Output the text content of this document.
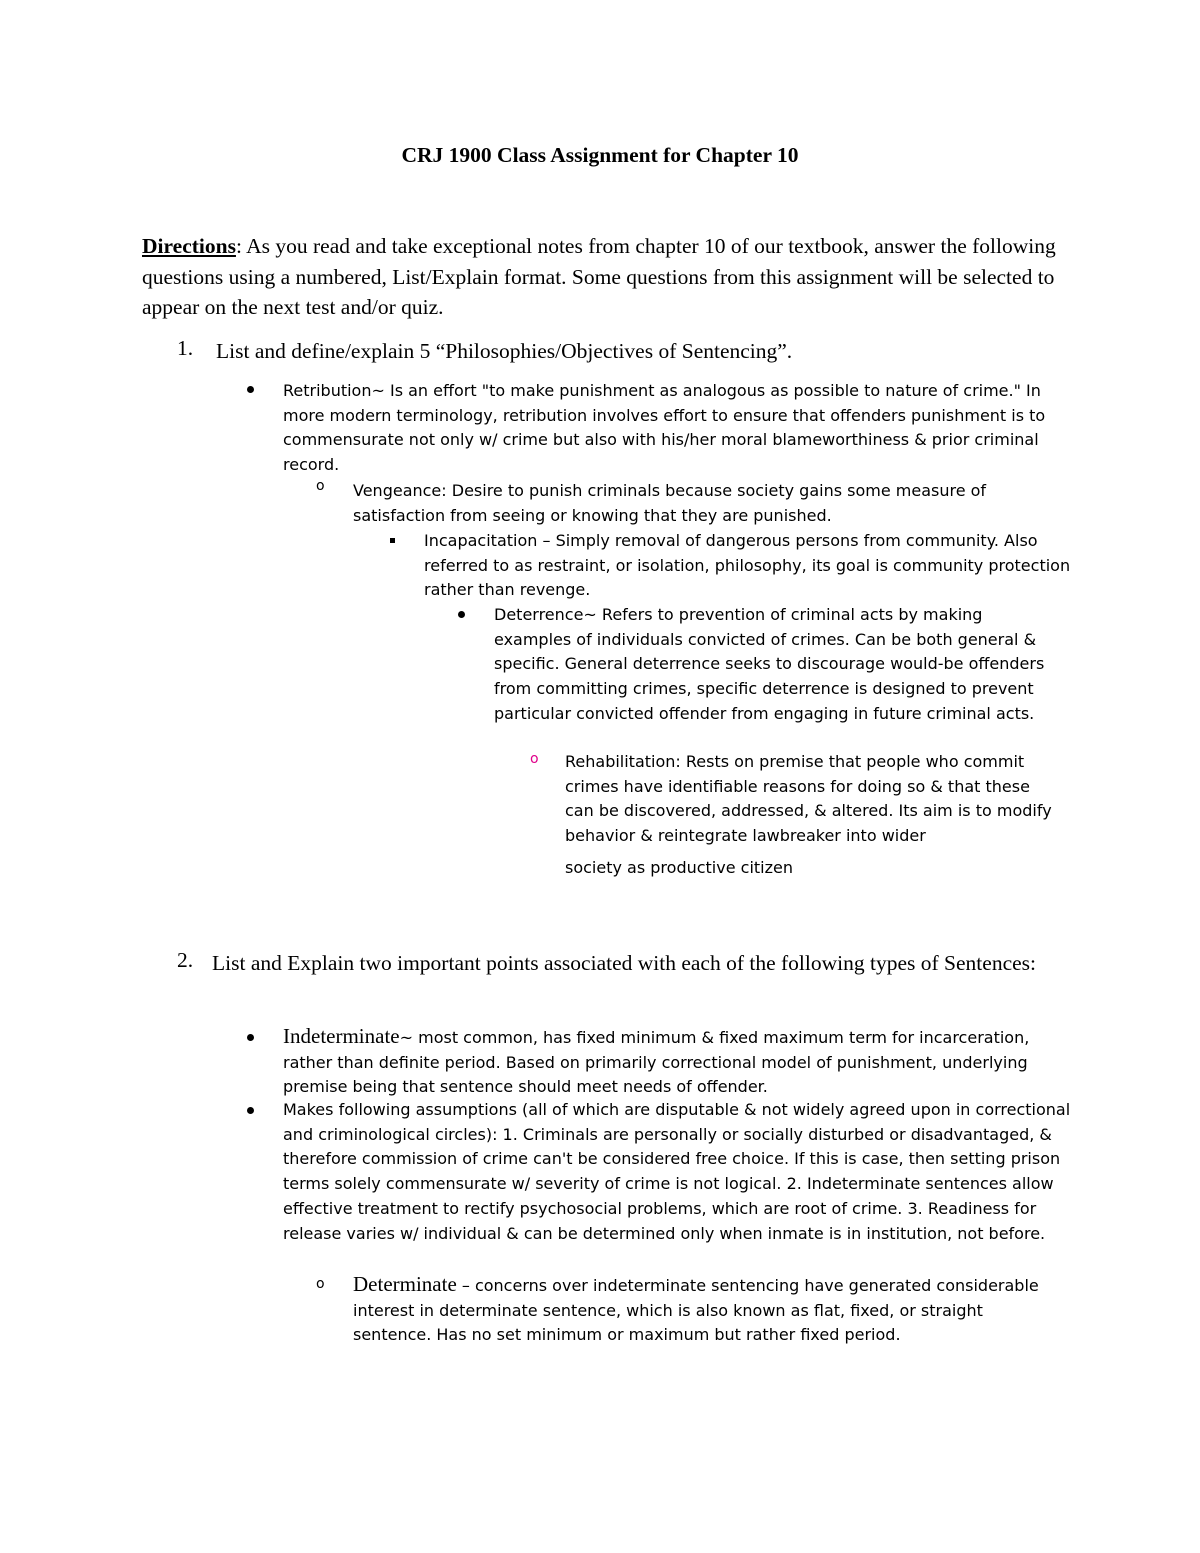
CRJ 1900 Class Assignment for Chapter 10
Directions: As you read and take exceptional notes from chapter 10 of our textbook, answer the following questions using a numbered, List/Explain format. Some questions from this assignment will be selected to appear on the next test and/or quiz.
1. List and define/explain 5 “Philosophies/Objectives of Sentencing”.
Retribution~ Is an effort "to make punishment as analogous as possible to nature of crime." In more modern terminology, retribution involves effort to ensure that offenders punishment is to commensurate not only w/ crime but also with his/her moral blameworthiness & prior criminal record.
o Vengeance: Desire to punish criminals because society gains some measure of satisfaction from seeing or knowing that they are punished.
Incapacitation – Simply removal of dangerous persons from community. Also referred to as restraint, or isolation, philosophy, its goal is community protection rather than revenge.
Deterrence~ Refers to prevention of criminal acts by making examples of individuals convicted of crimes. Can be both general & specific. General deterrence seeks to discourage would-be offenders from committing crimes, specific deterrence is designed to prevent particular convicted offender from engaging in future criminal acts.
o Rehabilitation: Rests on premise that people who commit crimes have identifiable reasons for doing so & that these can be discovered, addressed, & altered. Its aim is to modify behavior & reintegrate lawbreaker into wider
society as productive citizen
2. List and Explain two important points associated with each of the following types of Sentences:
Indeterminate~ most common, has fixed minimum & fixed maximum term for incarceration, rather than definite period. Based on primarily correctional model of punishment, underlying premise being that sentence should meet needs of offender.
Makes following assumptions (all of which are disputable & not widely agreed upon in correctional and criminological circles): 1. Criminals are personally or socially disturbed or disadvantaged, & therefore commission of crime can't be considered free choice. If this is case, then setting prison terms solely commensurate w/ severity of crime is not logical. 2. Indeterminate sentences allow effective treatment to rectify psychosocial problems, which are root of crime. 3. Readiness for release varies w/ individual & can be determined only when inmate is in institution, not before.
o Determinate – concerns over indeterminate sentencing have generated considerable interest in determinate sentence, which is also known as flat, fixed, or straight sentence. Has no set minimum or maximum but rather fixed period.
